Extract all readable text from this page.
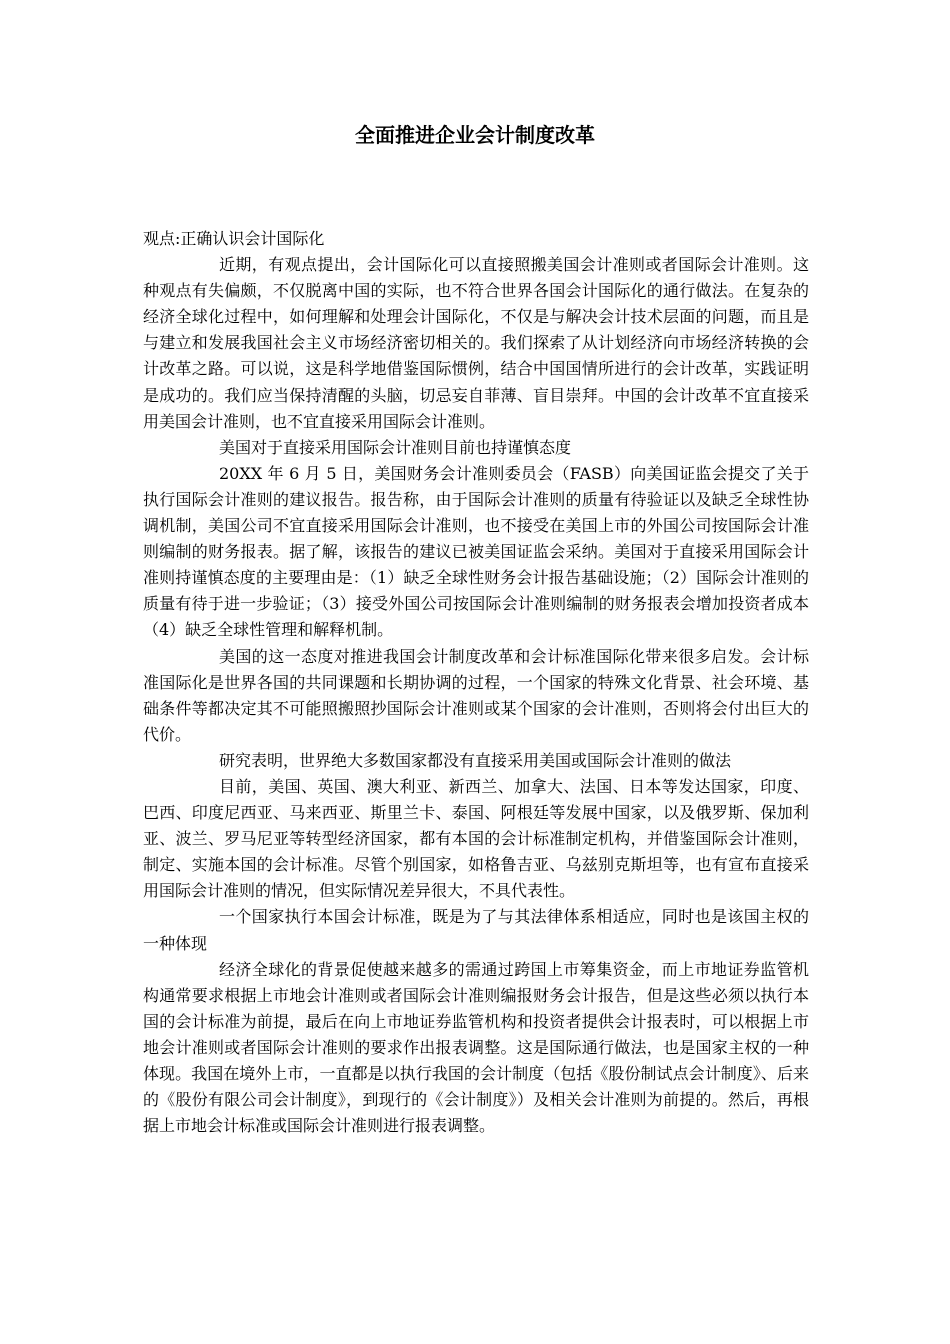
全面推进企业会计制度改革

观点:正确认识会计国际化

近期，有观点提出，会计国际化可以直接照搬美国会计准则或者国际会计准则。这种观点有失偏颇，不仅脱离中国的实际，也不符合世界各国会计国际化的通行做法。在复杂的经济全球化过程中，如何理解和处理会计国际化，不仅是与解决会计技术层面的问题，而且是与建立和发展我国社会主义市场经济密切相关的。我们探索了从计划经济向市场经济转换的会计改革之路。可以说，这是科学地借鉴国际惯例，结合中国国情所进行的会计改革，实践证明是成功的。我们应当保持清醒的头脑，切忌妄自菲薄、盲目崇拜。中国的会计改革不宜直接采用美国会计准则，也不宜直接采用国际会计准则。

美国对于直接采用国际会计准则目前也持谨慎态度

20XX 年 6 月 5 日，美国财务会计准则委员会（FASB）向美国证监会提交了关于执行国际会计准则的建议报告。报告称，由于国际会计准则的质量有待验证以及缺乏全球性协调机制，美国公司不宜直接采用国际会计准则，也不接受在美国上市的外国公司按国际会计准则编制的财务报表。据了解，该报告的建议已被美国证监会采纳。美国对于直接采用国际会计准则持谨慎态度的主要理由是：（1）缺乏全球性财务会计报告基础设施；（2）国际会计准则的质量有待于进一步验证；（3）接受外国公司按国际会计准则编制的财务报表会增加投资者成本（4）缺乏全球性管理和解释机制。

美国的这一态度对推进我国会计制度改革和会计标准国际化带来很多启发。会计标准国际化是世界各国的共同课题和长期协调的过程，一个国家的特殊文化背景、社会环境、基础条件等都决定其不可能照搬照抄国际会计准则或某个国家的会计准则，否则将会付出巨大的代价。

研究表明，世界绝大多数国家都没有直接采用美国或国际会计准则的做法

目前，美国、英国、澳大利亚、新西兰、加拿大、法国、日本等发达国家，印度、巴西、印度尼西亚、马来西亚、斯里兰卡、泰国、阿根廷等发展中国家，以及俄罗斯、保加利亚、波兰、罗马尼亚等转型经济国家，都有本国的会计标准制定机构，并借鉴国际会计准则，制定、实施本国的会计标准。尽管个别国家，如格鲁吉亚、乌兹别克斯坦等，也有宣布直接采用国际会计准则的情况，但实际情况差异很大，不具代表性。

一个国家执行本国会计标准，既是为了与其法律体系相适应，同时也是该国主权的一种体现

经济全球化的背景促使越来越多的需通过跨国上市筹集资金，而上市地证券监管机构通常要求根据上市地会计准则或者国际会计准则编报财务会计报告，但是这些必须以执行本国的会计标准为前提，最后在向上市地证券监管机构和投资者提供会计报表时，可以根据上市地会计准则或者国际会计准则的要求作出报表调整。这是国际通行做法，也是国家主权的一种体现。我国在境外上市，一直都是以执行我国的会计制度（包括《股份制试点会计制度》、后来的《股份有限公司会计制度》，到现行的《会计制度》）及相关会计准则为前提的。然后，再根据上市地会计标准或国际会计准则进行报表调整。
